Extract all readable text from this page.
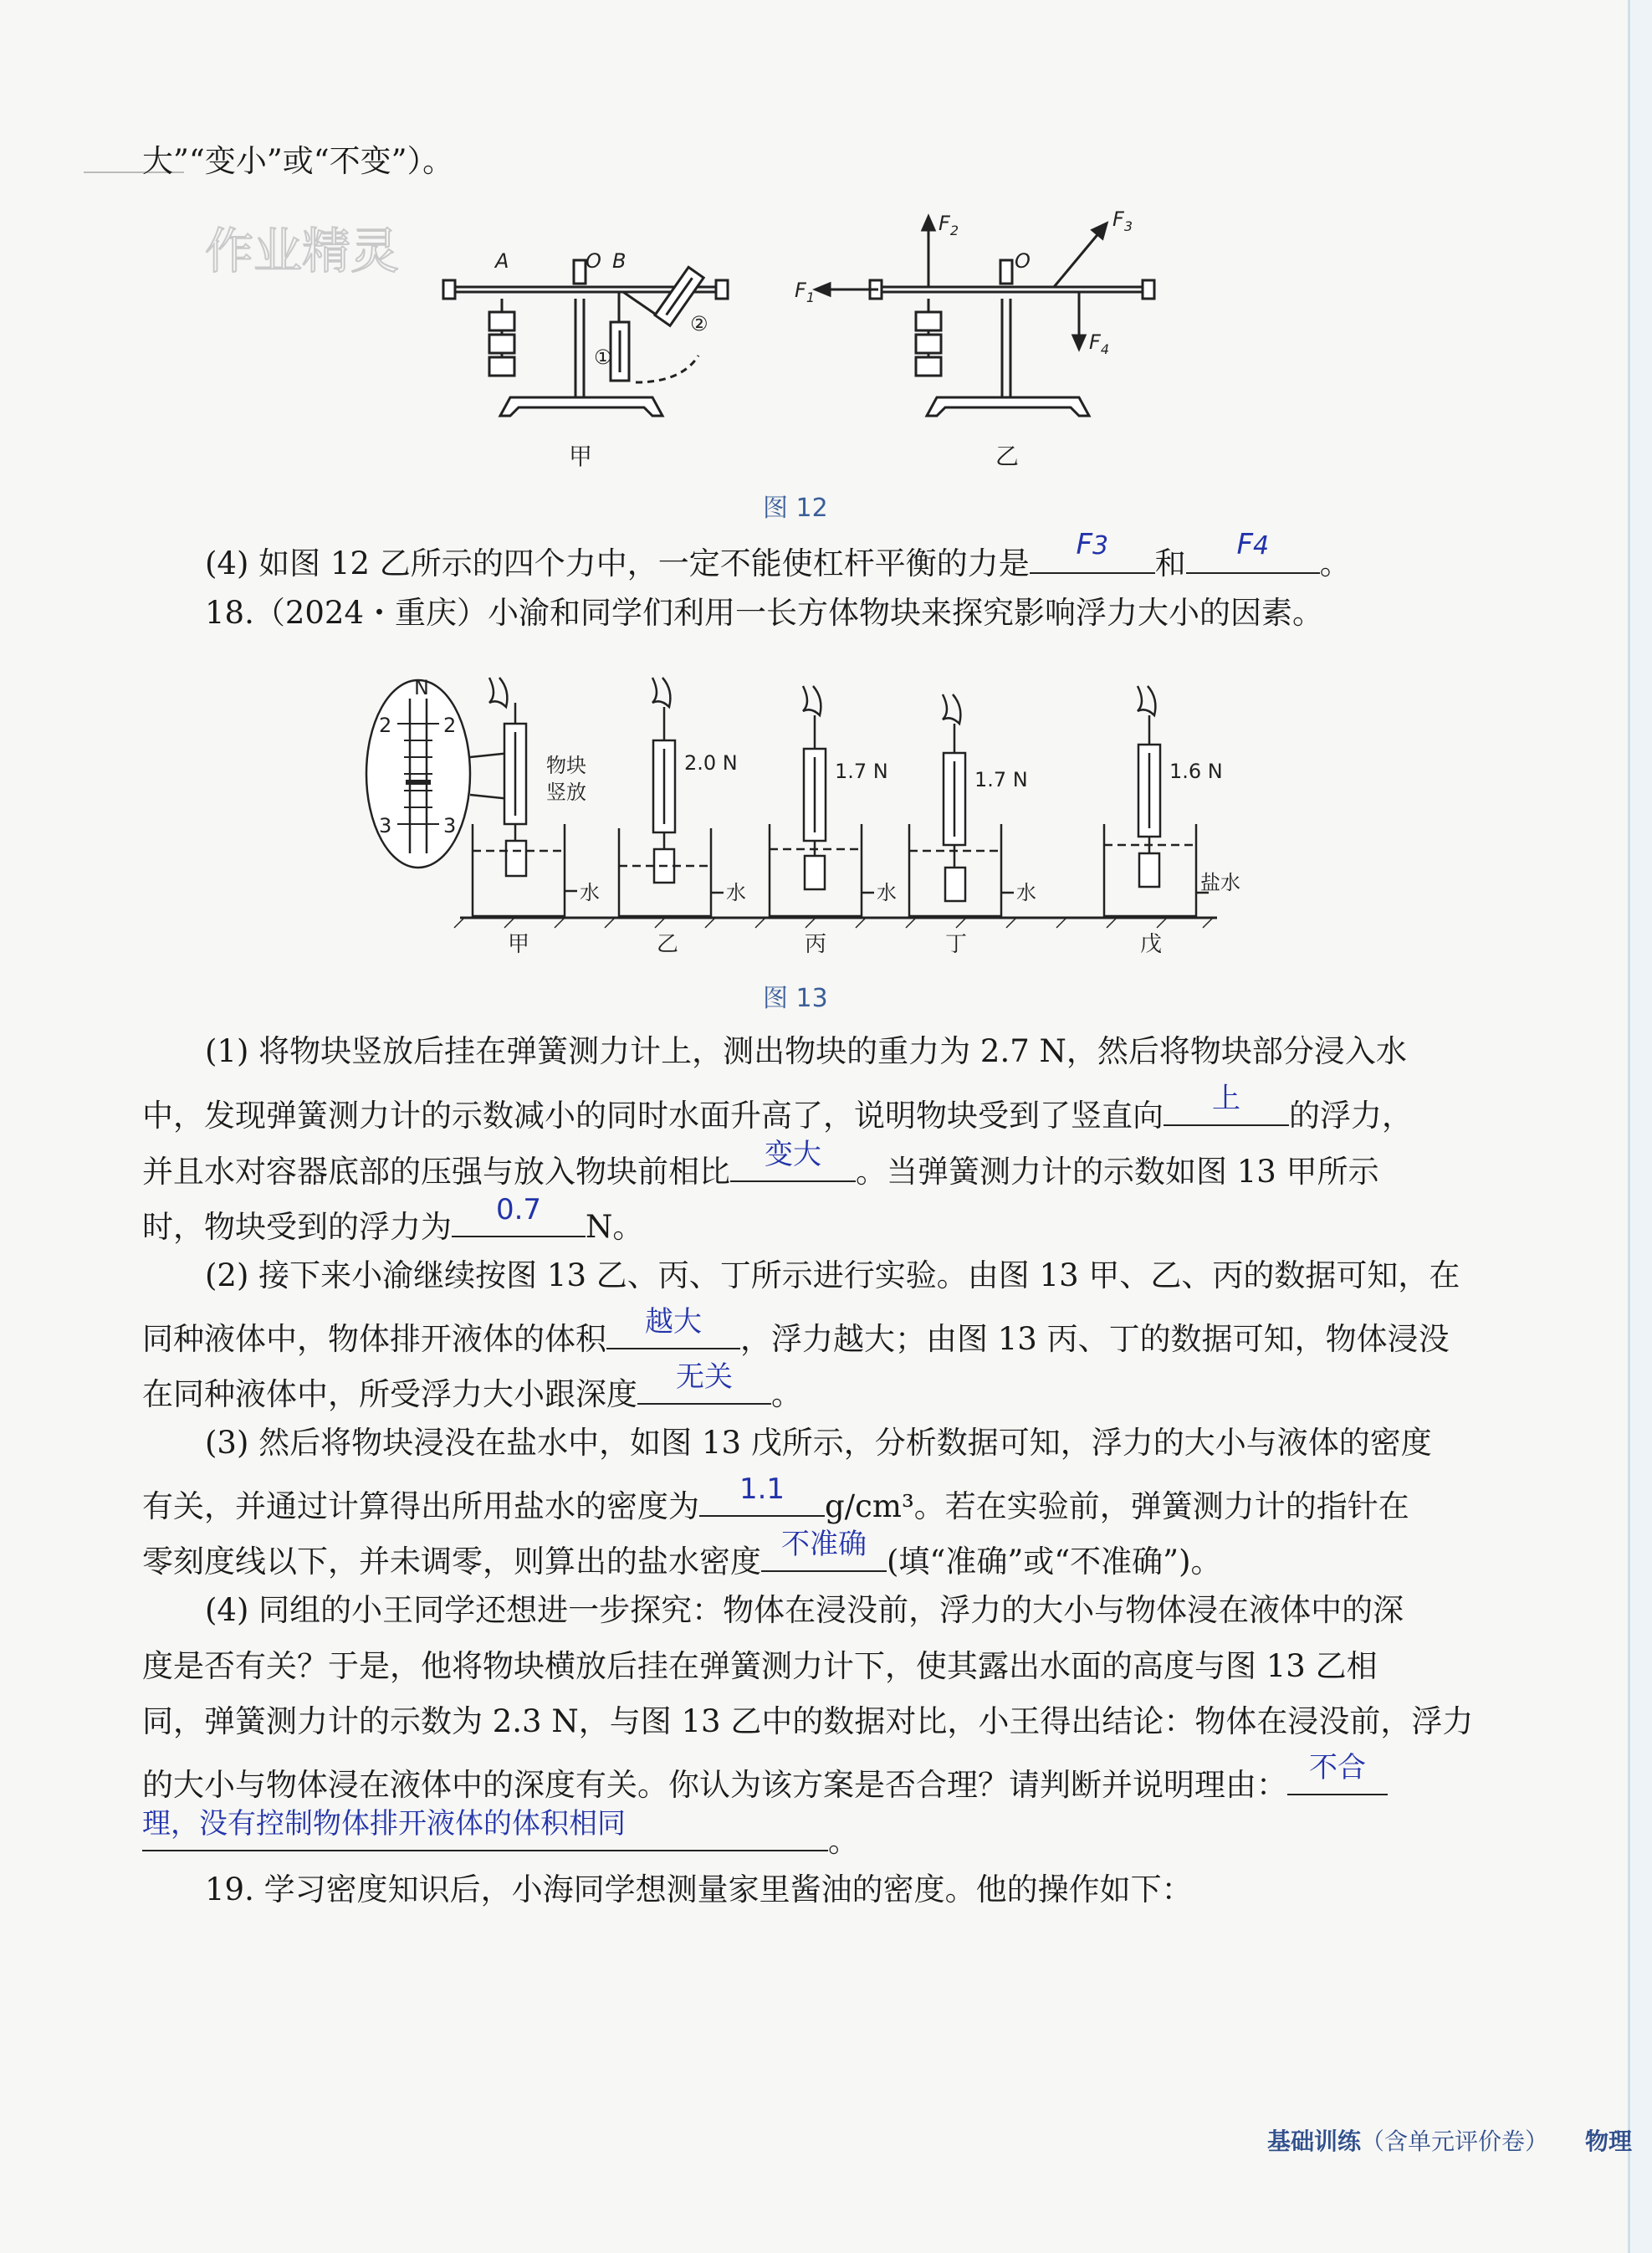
大”“变小”或“不变”）。
作业精灵	A	O B
①
②
O
$F_1$
$F_2$	$F_3$
$F_4$
甲	乙
图 12
(4) 如图 12 乙所示的四个力中，一定不能使杠杆平衡的力是
F3	和
F4	。
18.（2024・重庆）小渝和同学们利用一长方体物块来探究影响浮力大小的因素。
N
2	2
3	3
物块
竖放
2.0 N	1.7 N	1.7 N	1.6 N
水	水	水	水	盐水
甲	乙	丙	丁	戊
图 13
(1) 将物块竖放后挂在弹簧测力计上，测出物块的重力为 2.7 N，然后将物块部分浸入水
中，发现弹簧测力计的示数减小的同时水面升高了，说明物块受到了竖直向	上	的浮力，
并且水对容器底部的压强与放入物块前相比	变大	。当弹簧测力计的示数如图 13 甲所示
时，物块受到的浮力为	0.7	N。
(2) 接下来小渝继续按图 13 乙、丙、丁所示进行实验。由图 13 甲、乙、丙的数据可知，在
同种液体中，物体排开液体的体积	越大	，浮力越大；由图 13 丙、丁的数据可知，物体浸没
在同种液体中，所受浮力大小跟深度	无关	。
(3) 然后将物块浸没在盐水中，如图 13 戊所示，分析数据可知，浮力的大小与液体的密度
有关，并通过计算得出所用盐水的密度为	1.1	g/cm³。若在实验前，弹簧测力计的指针在
零刻度线以下，并未调零，则算出的盐水密度 不准确 (填“准确”或“不准确”)。
(4) 同组的小王同学还想进一步探究：物体在浸没前，浮力的大小与物体浸在液体中的深
度是否有关？于是，他将物块横放后挂在弹簧测力计下，使其露出水面的高度与图 13 乙相
同，弹簧测力计的示数为 2.3 N，与图 13 乙中的数据对比，小王得出结论：物体在浸没前，浮力
的大小与物体浸在液体中的深度有关。你认为该方案是否合理？请判断并说明理由： 不合
理，没有控制物体排开液体的体积相同	。
19. 学习密度知识后，小海同学想测量家里酱油的密度。他的操作如下：
基础训练（含单元评价卷） 物理
